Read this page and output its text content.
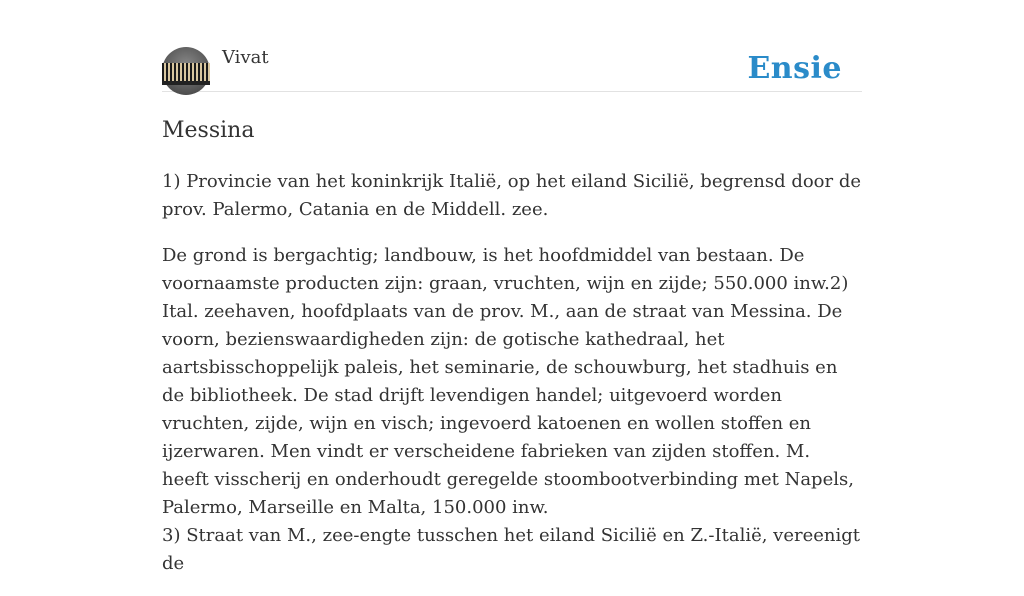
Vivat	Ensie
Messina

1) Provincie van het koninkrijk Italië, op het eiland Sicilië, begrensd door de prov. Palermo, Catania en de Middell. zee.

De grond is bergachtig; landbouw, is het hoofdmiddel van bestaan. De voornaamste producten zijn: graan, vruchten, wijn en zijde; 550.000 inw.2) Ital. zeehaven, hoofdplaats van de prov. M., aan de straat van Messina. De voorn, bezienswaardigheden zijn: de gotische kathedraal, het aartsbisschoppelijk paleis, het seminarie, de schouwburg, het stadhuis en de bibliotheek. De stad drijft levendigen handel; uitgevoerd worden vruchten, zijde, wijn en visch; ingevoerd katoenen en wollen stoffen en ijzerwaren. Men vindt er verscheidene fabrieken van zijden stoffen. M. heeft visscherij en onderhoudt geregelde stoombootverbinding met Napels, Palermo, Marseille en Malta, 150.000 inw.

3) Straat van M., zee-engte tusschen het eiland Sicilië en Z.-Italië, vereenigt de
